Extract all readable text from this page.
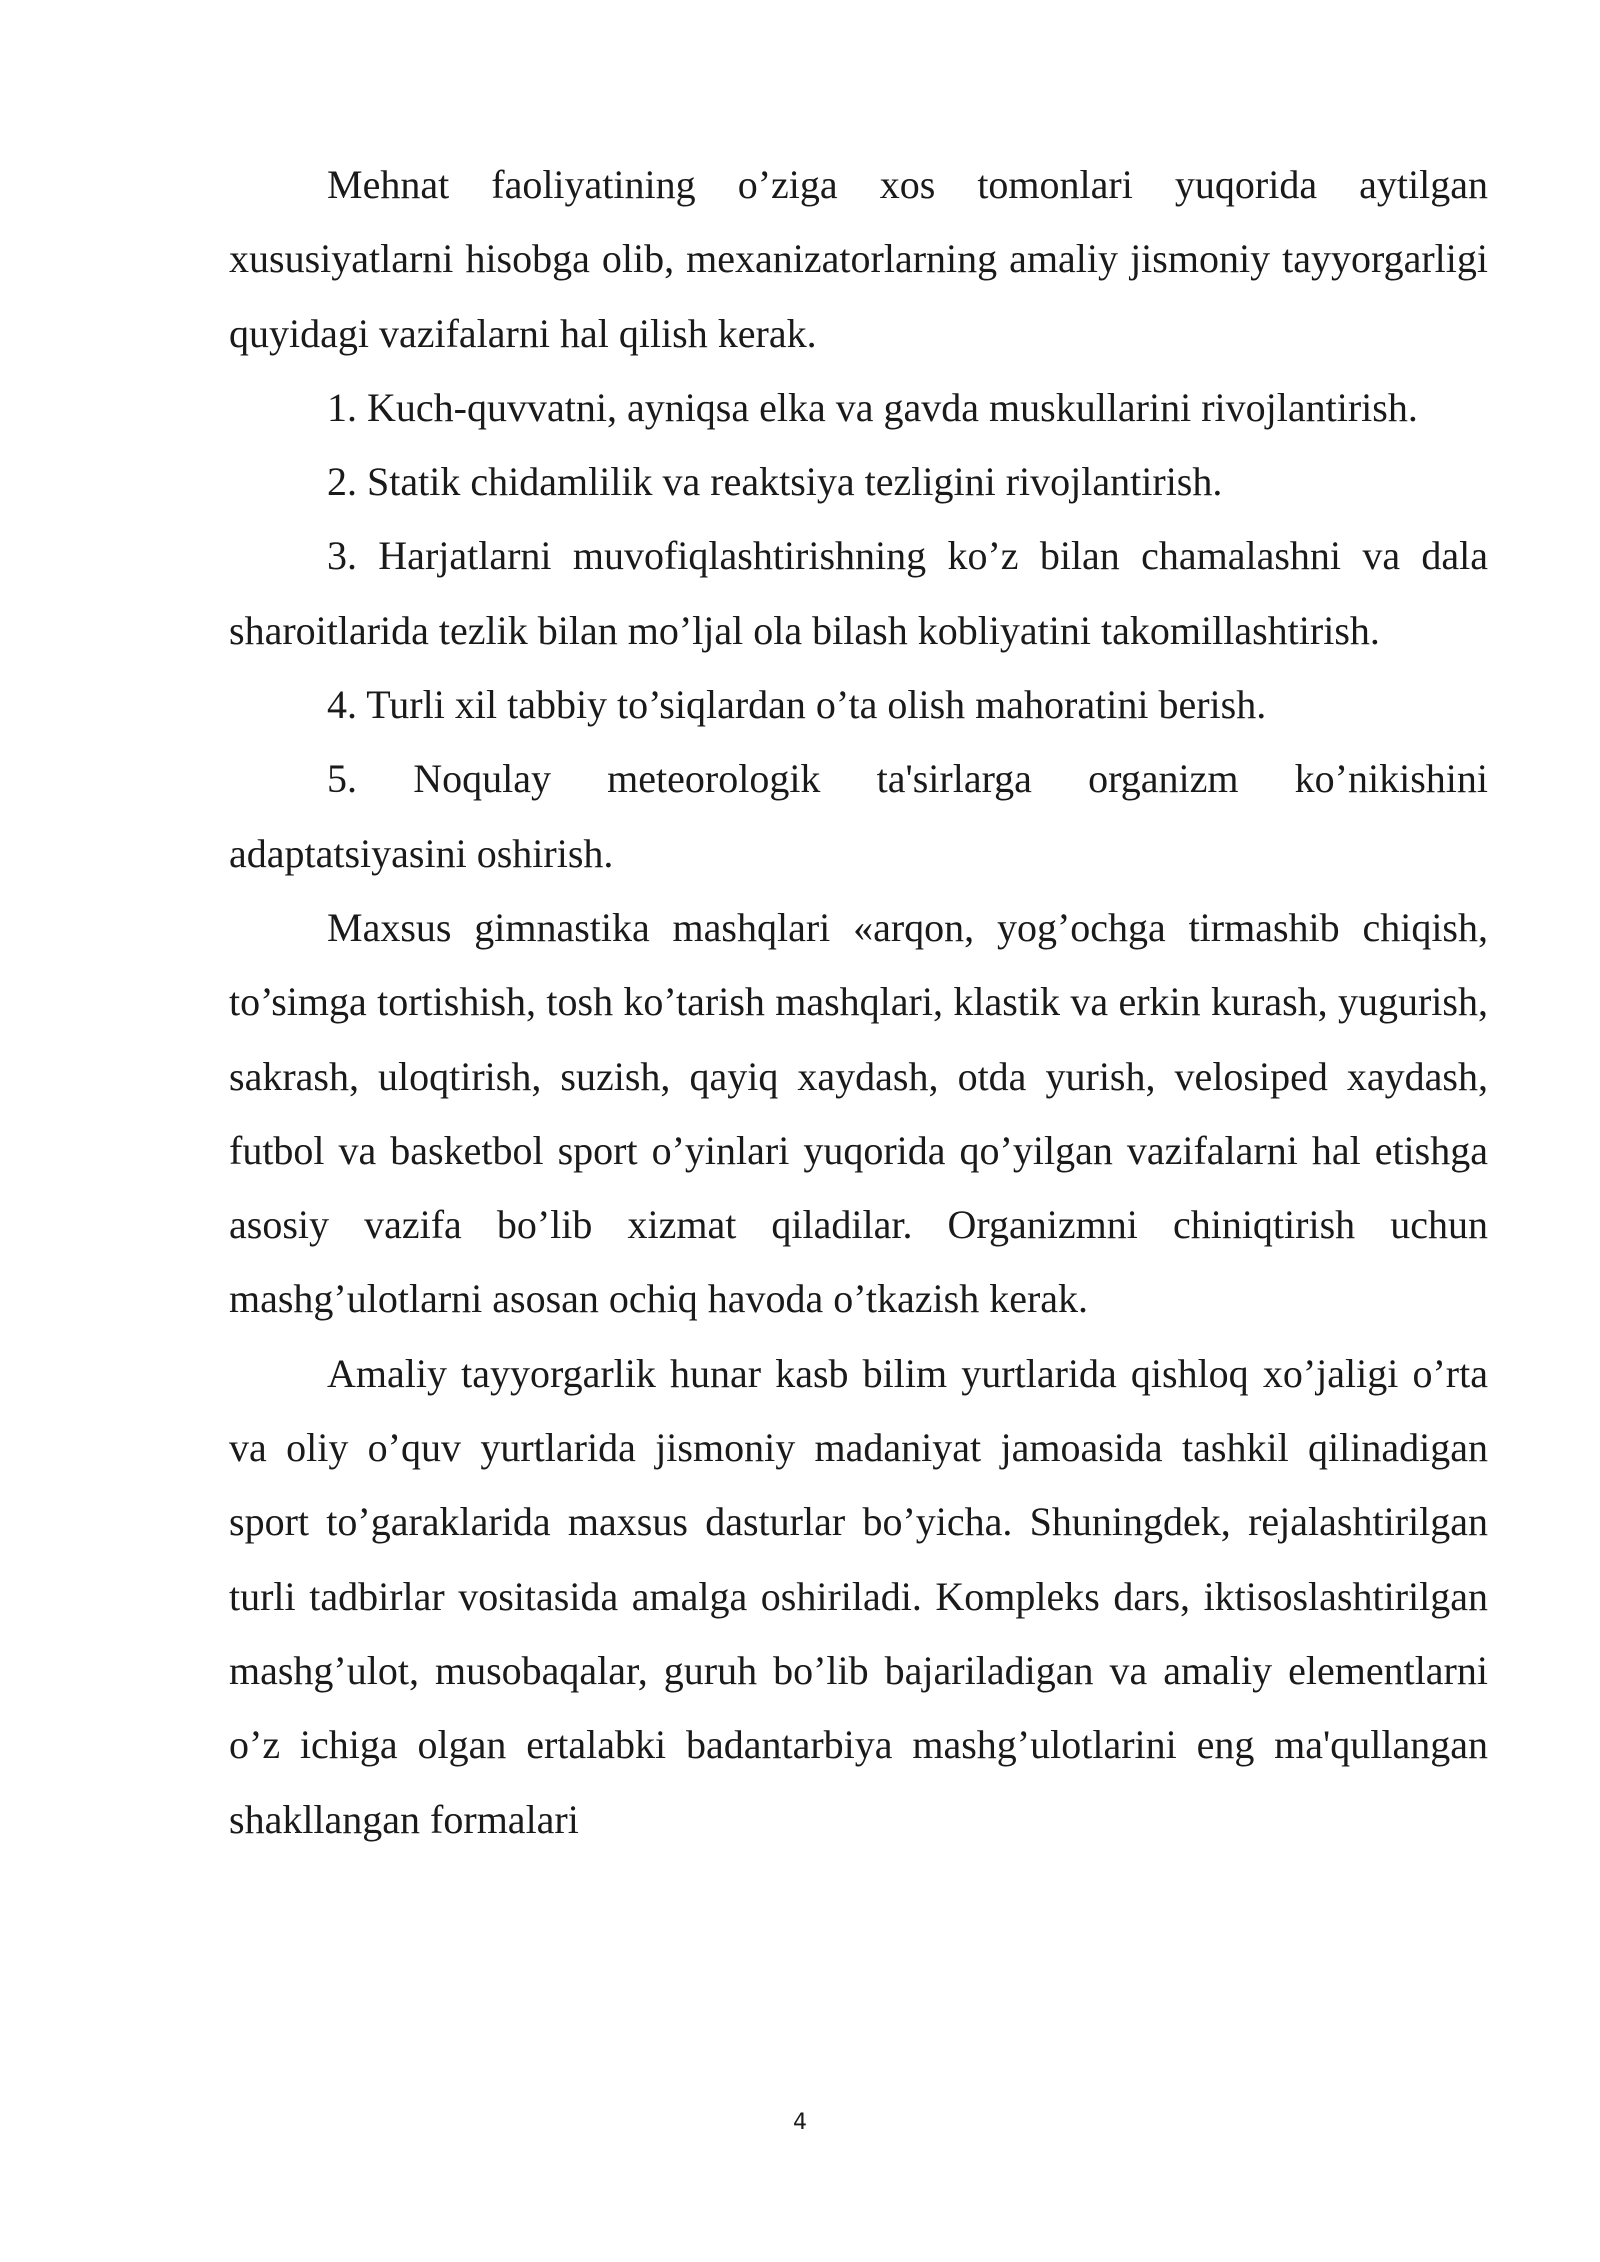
Mehnat faoliyatining o’ziga xos tomonlari yuqorida aytilgan xususiyatlarni hisobga olib, mexanizatorlarning amaliy jismoniy tayyorgarligi quyidagi vazifalarni hal qilish kerak.

1. Kuch-quvvatni, ayniqsa elka va gavda muskullarini rivojlantirish.

2. Statik chidamlilik va reaktsiya tezligini rivojlantirish.

3. Harjatlarni muvofiqlashtirishning ko’z bilan chamalashni va dala sharoitlarida tezlik bilan mo’ljal ola bilash kobliyatini takomillashtirish.

4. Turli xil tabbiy to’siqlardan o’ta olish mahoratini berish.

5. Noqulay meteorologik ta'sirlarga organizm ko’nikishini adaptatsiyasini oshirish.

Maxsus gimnastika mashqlari «arqon, yog’ochga tirmashib chiqish, to’simga tortishish, tosh ko’tarish mashqlari, klastik va erkin kurash, yugurish, sakrash, uloqtirish, suzish, qayiq xaydash, otda yurish, velosiped xaydash, futbol va basketbol sport o’yinlari yuqorida qo’yilgan vazifalarni hal etishga asosiy vazifa bo’lib xizmat qiladilar. Organizmni chiniqtirish uchun mashg’ulotlarni asosan ochiq havoda o’tkazish kerak.

Amaliy tayyorgarlik hunar kasb bilim yurtlarida qishloq xo’jaligi o’rta va oliy o’quv yurtlarida jismoniy madaniyat jamoasida tashkil qilinadigan sport to’garaklarida maxsus dasturlar bo’yicha. Shuningdek, rejalashtirilgan turli tadbirlar vositasida amalga oshiriladi. Kompleks dars, iktisoslashtirilgan mashg’ulot, musobaqalar, guruh bo’lib bajariladigan va amaliy elementlarni o’z ichiga olgan ertalabki badantarbiya mashg’ulotlarini eng ma'qullangan shakllangan formalari

4
